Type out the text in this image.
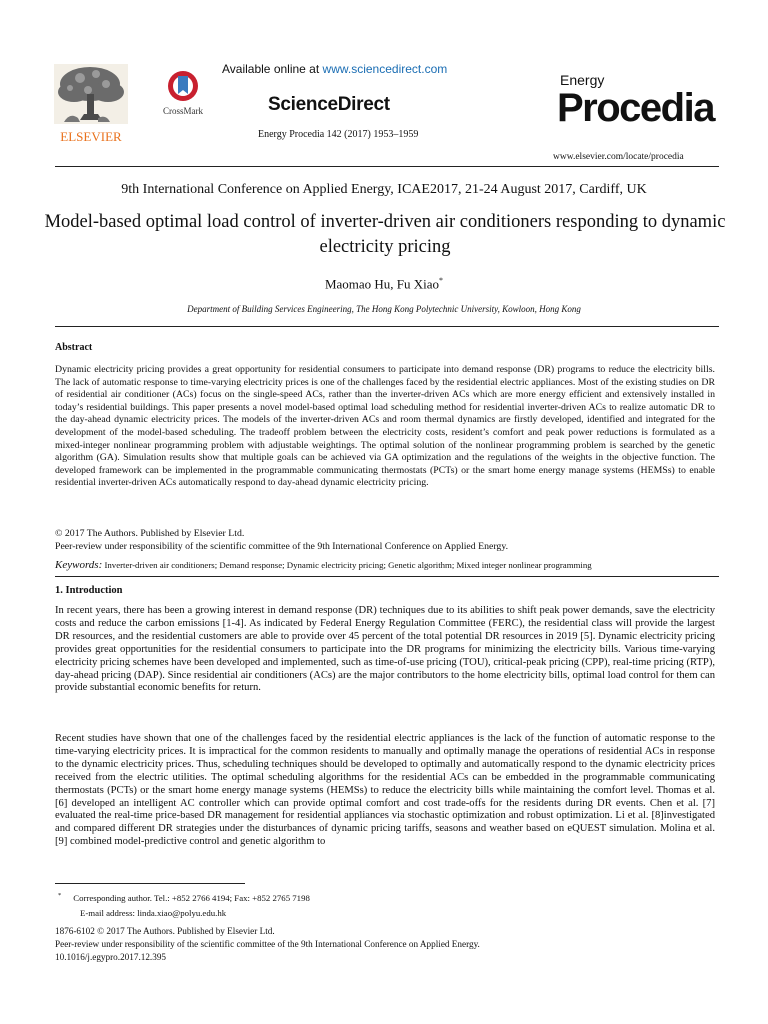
ELSEVIER
CrossMark
Available online at www.sciencedirect.com
ScienceDirect
Energy Procedia 142 (2017) 1953–1959
Energy
Procedia
www.elsevier.com/locate/procedia
9th International Conference on Applied Energy, ICAE2017, 21-24 August 2017, Cardiff, UK
Model-based optimal load control of inverter-driven air conditioners responding to dynamic electricity pricing
Maomao Hu, Fu Xiao*
Department of Building Services Engineering, The Hong Kong Polytechnic University, Kowloon, Hong Kong
Abstract
Dynamic electricity pricing provides a great opportunity for residential consumers to participate into demand response (DR) programs to reduce the electricity bills. The lack of automatic response to time-varying electricity prices is one of the challenges faced by the residential electric appliances. Most of the existing studies on DR of residential air conditioner (ACs) focus on the single-speed ACs, rather than the inverter-driven ACs which are more energy efficient and extensively installed in today’s residential buildings. This paper presents a novel model-based optimal load scheduling method for residential inverter-driven ACs to realize automatic DR to the day-ahead dynamic electricity prices. The models of the inverter-driven ACs and room thermal dynamics are firstly developed, identified and integrated for the development of the model-based scheduling. The tradeoff problem between the electricity costs, resident’s comfort and peak power reductions is formulated as a mixed-integer nonlinear programming problem with adjustable weightings. The optimal solution of the nonlinear programming problem is searched by the genetic algorithm (GA). Simulation results show that multiple goals can be achieved via GA optimization and the regulations of the weights in the objective function. The developed framework can be implemented in the programmable communicating thermostats (PCTs) or the smart home energy manage systems (HEMSs) to enable residential inverter-driven ACs automatically respond to day-ahead dynamic electricity pricing.
© 2017 The Authors. Published by Elsevier Ltd.
Peer-review under responsibility of the scientific committee of the 9th International Conference on Applied Energy.
Keywords: Inverter-driven air conditioners; Demand response; Dynamic electricity pricing; Genetic algorithm; Mixed integer nonlinear programming
1. Introduction
In recent years, there has been a growing interest in demand response (DR) techniques due to its abilities to shift peak power demands, save the electricity costs and reduce the carbon emissions [1-4]. As indicated by Federal Energy Regulation Committee (FERC), the residential class will provide the largest DR resources, and the residential customers are able to provide over 45 percent of the total potential DR resources in 2019 [5]. Dynamic electricity pricing provides great opportunities for the residential consumers to participate into the DR programs for minimizing the electricity bills. Various time-varying electricity pricing schemes have been developed and implemented, such as time-of-use pricing (TOU), critical-peak pricing (CPP), real-time pricing (RTP), day-ahead pricing (DAP). Since residential air conditioners (ACs) are the major contributors to the home electricity bills, optimal load control for them can provide substantial economic benefits for return.
Recent studies have shown that one of the challenges faced by the residential electric appliances is the lack of the function of automatic response to the time-varying electricity prices. It is impractical for the common residents to manually and optimally manage the operations of residential ACs in response to the dynamic electricity prices. Thus, scheduling techniques should be developed to optimally and automatically respond to the dynamic electricity prices received from the electric utilities. The optimal scheduling algorithms for the residential ACs can be embedded in the programmable communicating thermostats (PCTs) or the smart home energy manage systems (HEMSs) to reduce the electricity bills while maintaining the comfort level. Thomas et al. [6] developed an intelligent AC controller which can provide optimal comfort and cost trade-offs for the residents during DR events. Chen et al. [7] evaluated the real-time price-based DR management for residential appliances via stochastic optimization and robust optimization. Li et al. [8]investigated and compared different DR strategies under the disturbances of dynamic pricing tariffs, seasons and weather based on eQUEST simulation. Molina et al. [9] combined model-predictive control and genetic algorithm to
* Corresponding author. Tel.: +852 2766 4194; Fax: +852 2765 7198
E-mail address: linda.xiao@polyu.edu.hk
1876-6102 © 2017 The Authors. Published by Elsevier Ltd.
Peer-review under responsibility of the scientific committee of the 9th International Conference on Applied Energy.
10.1016/j.egypro.2017.12.395
